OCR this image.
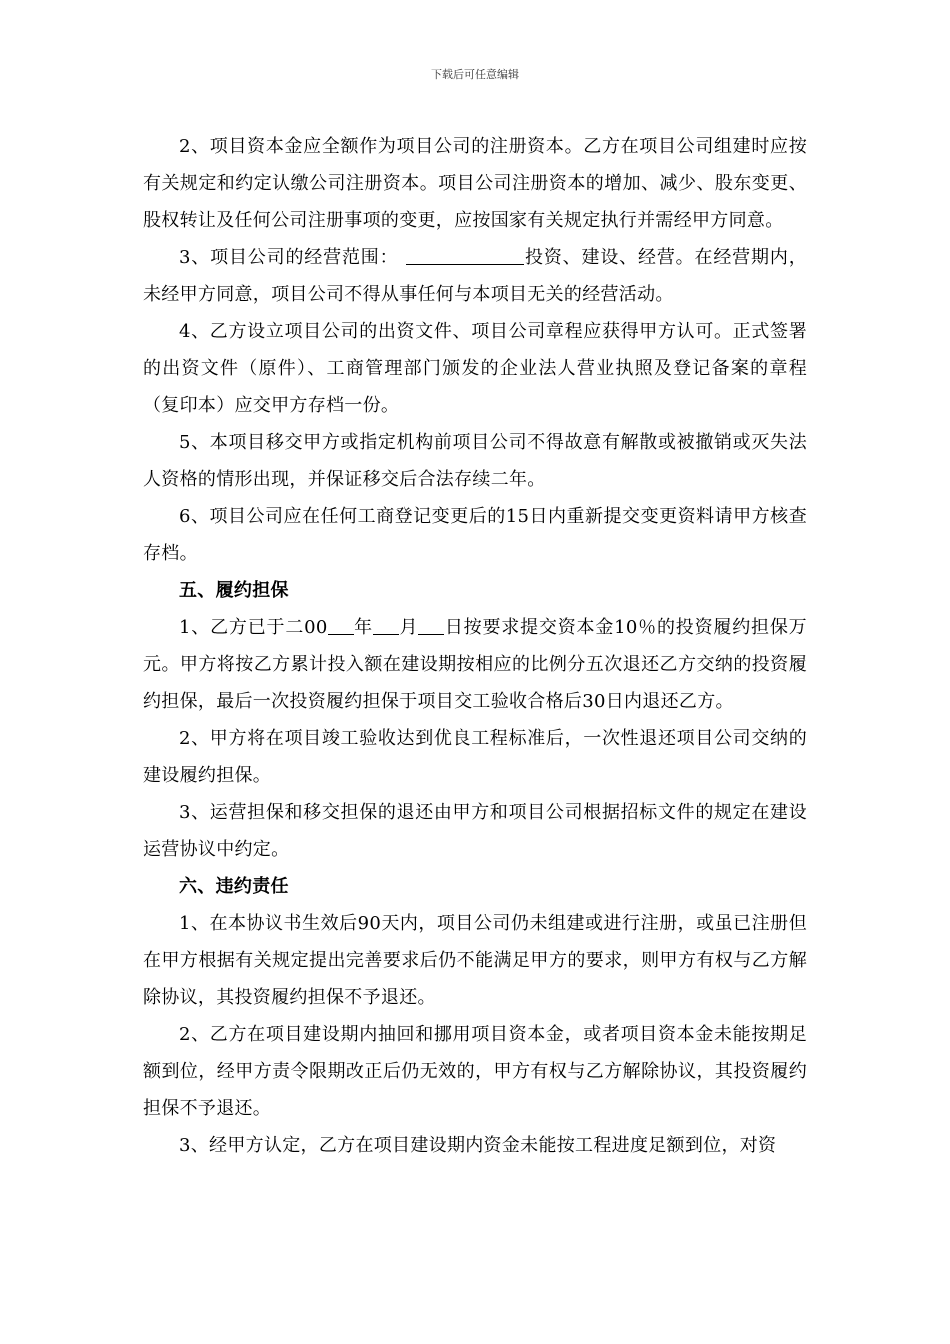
下载后可任意编辑

2、项目资本金应全额作为项目公司的注册资本。乙方在项目公司组建时应按有关规定和约定认缴公司注册资本。项目公司注册资本的增加、减少、股东变更、股权转让及任何公司注册事项的变更，应按国家有关规定执行并需经甲方同意。

3、项目公司的经营范围：	投资、建设、经营。在经营期内，未经甲方同意，项目公司不得从事任何与本项目无关的经营活动。

4、乙方设立项目公司的出资文件、项目公司章程应获得甲方认可。正式签署的出资文件（原件）、工商管理部门颁发的企业法人营业执照及登记备案的章程（复印本）应交甲方存档一份。

5、本项目移交甲方或指定机构前项目公司不得故意有解散或被撤销或灭失法人资格的情形出现，并保证移交后合法存续二年。

6、项目公司应在任何工商登记变更后的15日内重新提交变更资料请甲方核查存档。

五、履约担保

1、乙方已于二00 年 月 日按要求提交资本金10％的投资履约担保万元。甲方将按乙方累计投入额在建设期按相应的比例分五次退还乙方交纳的投资履约担保，最后一次投资履约担保于项目交工验收合格后30日内退还乙方。

2、甲方将在项目竣工验收达到优良工程标准后，一次性退还项目公司交纳的建设履约担保。

3、运营担保和移交担保的退还由甲方和项目公司根据招标文件的规定在建设运营协议中约定。

六、违约责任

1、在本协议书生效后90天内，项目公司仍未组建或进行注册，或虽已注册但在甲方根据有关规定提出完善要求后仍不能满足甲方的要求，则甲方有权与乙方解除协议，其投资履约担保不予退还。

2、乙方在项目建设期内抽回和挪用项目资本金，或者项目资本金未能按期足额到位，经甲方责令限期改正后仍无效的，甲方有权与乙方解除协议，其投资履约担保不予退还。

3、经甲方认定，乙方在项目建设期内资金未能按工程进度足额到位，对资
